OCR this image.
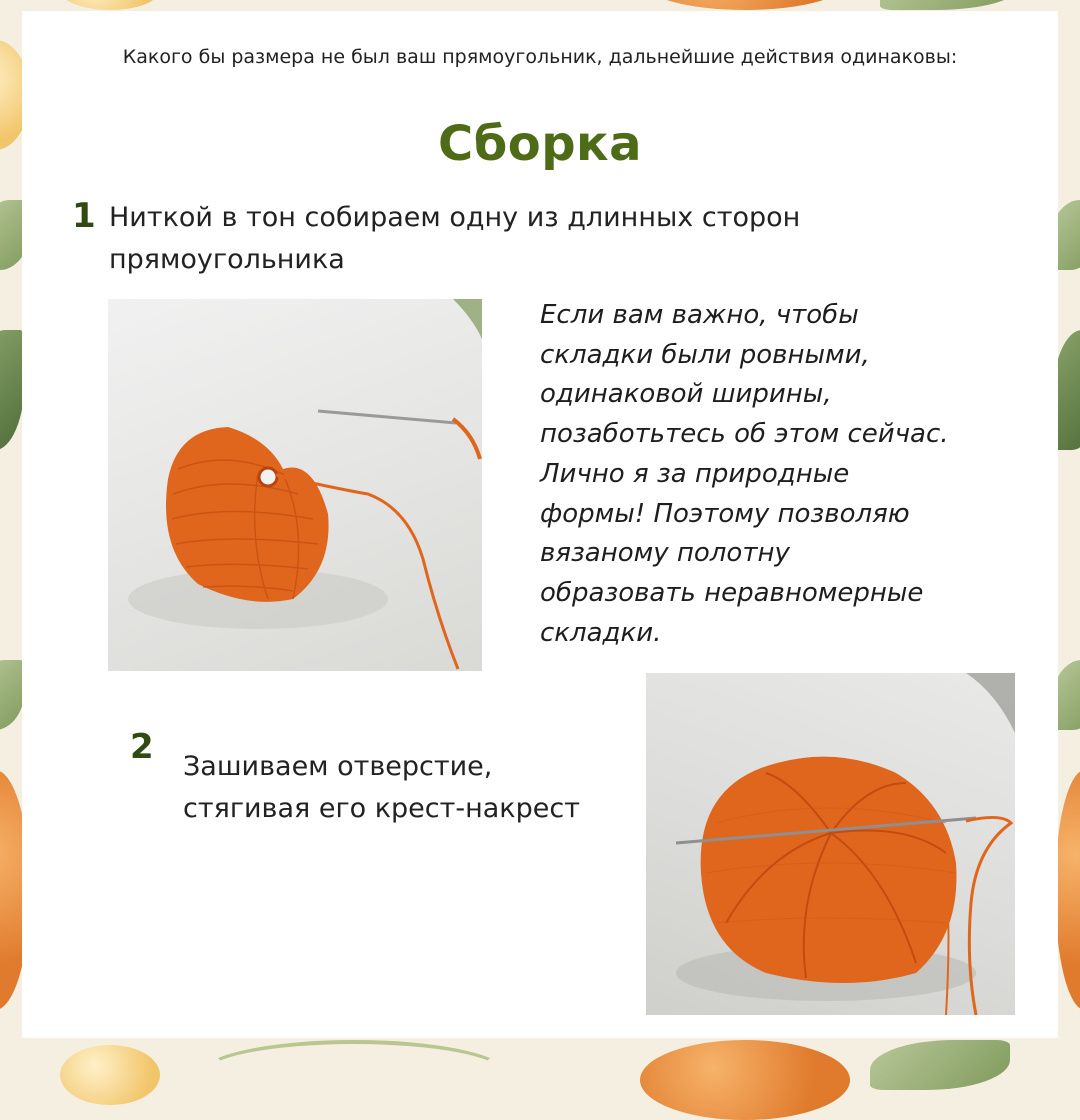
Какого бы размера не был ваш прямоугольник, дальнейшие действия одинаковы:
Сборка
1 Ниткой в тон собираем одну из длинных сторон прямоугольника
Если вам важно, чтобы
складки были ровными,
одинаковой ширины,
позаботьтесь об этом сейчас.
Лично я за природные
формы! Поэтому позволяю
вязаному полотну
образовать неравномерные
складки.
2 Зашиваем отверстие,
стягивая его крест-накрест
